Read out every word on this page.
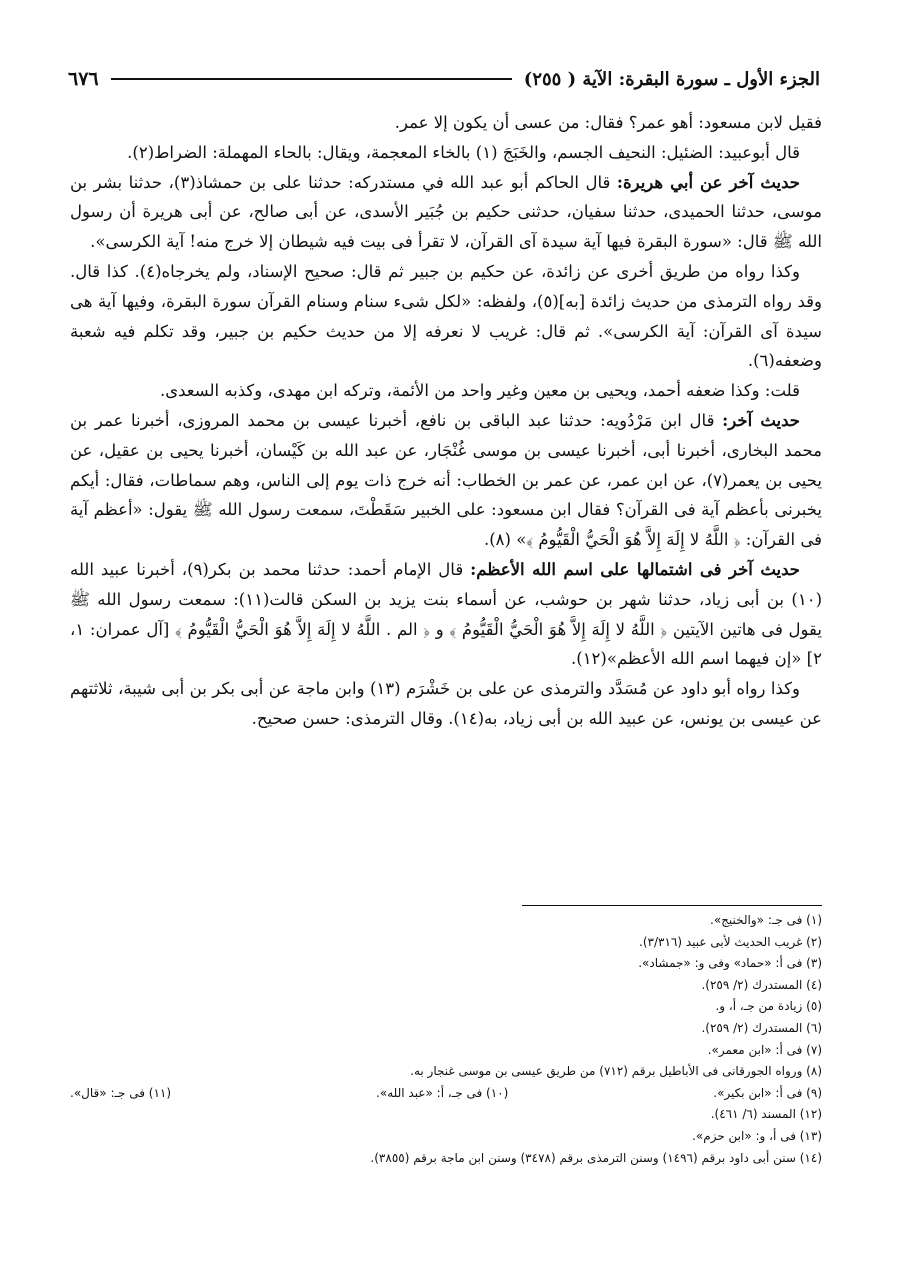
الجزء الأول ـ سورة البقرة: الآية ( ٢٥٥)
٦٧٦

فقيل لابن مسعود: أهو عمر؟ فقال: من عسى أن يكون إلا عمر.

قال أبوعبيد: الضئيل: النحيف الجسم، والخَبَجَ (١) بالخاء المعجمة، ويقال: بالحاء المهملة: الضراط(٢).

حديث آخر عن أبي هريرة: قال الحاكم أبو عبد الله في مستدركه: حدثنا على بن حمشاذ(٣)، حدثنا بشر بن موسى، حدثنا الحميدى، حدثنا سفيان، حدثنى حكيم بن جُبَير الأسدى، عن أبى صالح، عن أبى هريرة أن رسول الله ﷺ قال: «سورة البقرة فيها آية سيدة آى القرآن، لا تقرأ فى بيت فيه شيطان إلا خرج منه! آية الكرسى».

وكذا رواه من طريق أخرى عن زائدة، عن حكيم بن جبير ثم قال: صحيح الإسناد، ولم يخرجاه(٤). كذا قال. وقد رواه الترمذى من حديث زائدة [به](٥)، ولفظه: «لكل شىء سنام وسنام القرآن سورة البقرة، وفيها آية هى سيدة آى القرآن: آية الكرسى». ثم قال: غريب لا نعرفه إلا من حديث حكيم بن جبير، وقد تكلم فيه شعبة وضعفه(٦).

قلت: وكذا ضعفه أحمد، ويحيى بن معين وغير واحد من الأئمة، وتركه ابن مهدى، وكذبه السعدى.

حديث آخر: قال ابن مَرْدُويه: حدثنا عبد الباقى بن نافع، أخبرنا عيسى بن محمد المروزى، أخبرنا عمر بن محمد البخارى، أخبرنا أبى، أخبرنا عيسى بن موسى غُنْجَار، عن عبد الله بن كَيْسان، أخبرنا يحيى بن عقيل، عن يحيى بن يعمر(٧)، عن ابن عمر، عن عمر بن الخطاب: أنه خرج ذات يوم إلى الناس، وهم سماطات، فقال: أيكم يخبرنى بأعظم آية فى القرآن؟ فقال ابن مسعود: على الخبير سَقَطْتَ، سمعت رسول الله ﷺ يقول: «أعظم آية فى القرآن: ﴿ اللَّهُ لا إِلَهَ إِلاَّ هُوَ الْحَيُّ الْقَيُّومُ ﴾» (٨).

حديث آخر فى اشتمالها على اسم الله الأعظم: قال الإمام أحمد: حدثنا محمد بن بكر(٩)، أخبرنا عبيد الله (١٠) بن أبى زياد، حدثنا شهر بن حوشب، عن أسماء بنت يزيد بن السكن قالت(١١): سمعت رسول الله ﷺ يقول فى هاتين الآيتين ﴿ اللَّهُ لا إِلَهَ إِلاَّ هُوَ الْحَيُّ الْقَيُّومُ ﴾ و ﴿ الم . اللَّهُ لا إِلَهَ إِلاَّ هُوَ الْحَيُّ الْقَيُّومُ ﴾ [آل عمران: ١، ٢] «إن فيهما اسم الله الأعظم»(١٢).

وكذا رواه أبو داود عن مُسَدَّد والترمذى عن على بن خَشْرَم (١٣) وابن ماجة عن أبى بكر بن أبى شيبة، ثلاثتهم عن عيسى بن يونس، عن عبيد الله بن أبى زياد، به(١٤). وقال الترمذى: حسن صحيح.

(١) فى جـ: «والخنيج».
(٢) غريب الحديث لأبى عبيد (٣/٣١٦).
(٣) فى أ: «حماد» وفى و: «جمشاد».
(٤) المستدرك (٢/ ٢٥٩).
(٥) زيادة من جـ، أ، و.
(٦) المستدرك (٢/ ٢٥٩).
(٧) فى أ: «ابن معمر».
(٨) ورواه الجورقانى فى الأباطيل برقم (٧١٢) من طريق عيسى بن موسى غنجار به.
(٩) فى أ: «ابن بكير».
(١٠) فى جـ، أ: «عبد الله».
(١١) فى جـ: «قال».
(١٢) المسند (٦/ ٤٦١).
(١٣) فى أ، و: «ابن حزم».
(١٤) سنن أبى داود برقم (١٤٩٦) وسنن الترمذى برقم (٣٤٧٨) وسنن ابن ماجة برقم (٣٨٥٥).
